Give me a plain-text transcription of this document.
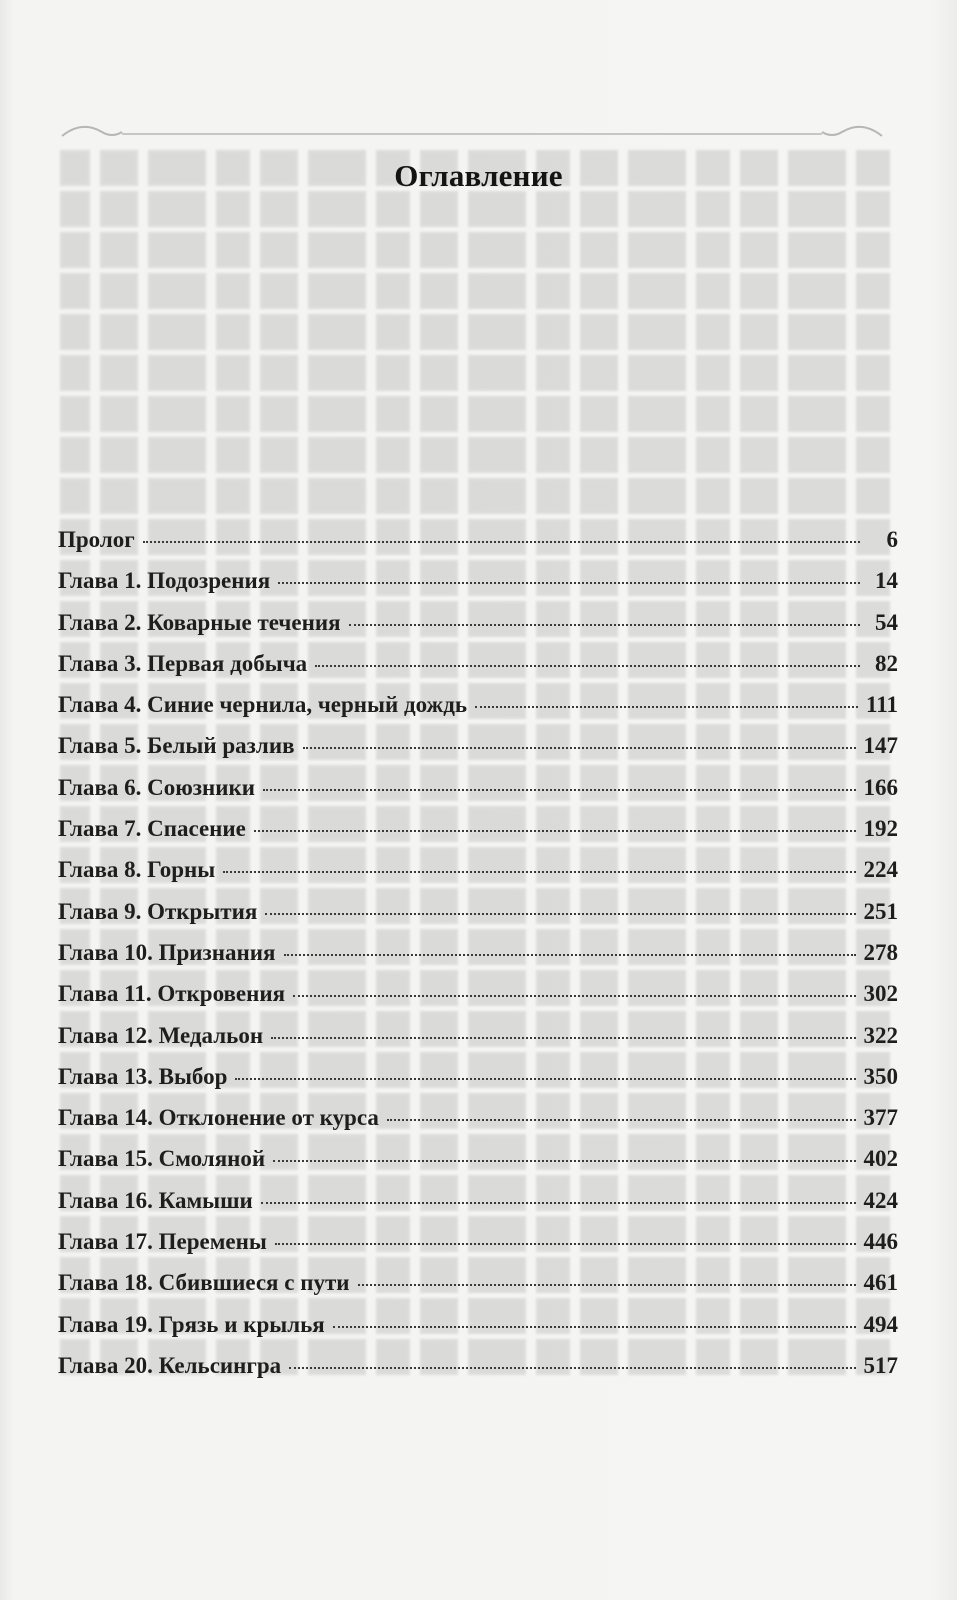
Оглавление
Пролог	6
Глава 1. Подозрения	14
Глава 2. Коварные течения	54
Глава 3. Первая добыча	82
Глава 4. Синие чернила, черный дождь	111
Глава 5. Белый разлив	147
Глава 6. Союзники	166
Глава 7. Спасение	192
Глава 8. Горны	224
Глава 9. Открытия	251
Глава 10. Признания	278
Глава 11. Откровения	302
Глава 12. Медальон	322
Глава 13. Выбор	350
Глава 14. Отклонение от курса	377
Глава 15. Смоляной	402
Глава 16. Камыши	424
Глава 17. Перемены	446
Глава 18. Сбившиеся с пути	461
Глава 19. Грязь и крылья	494
Глава 20. Кельсингра	517
